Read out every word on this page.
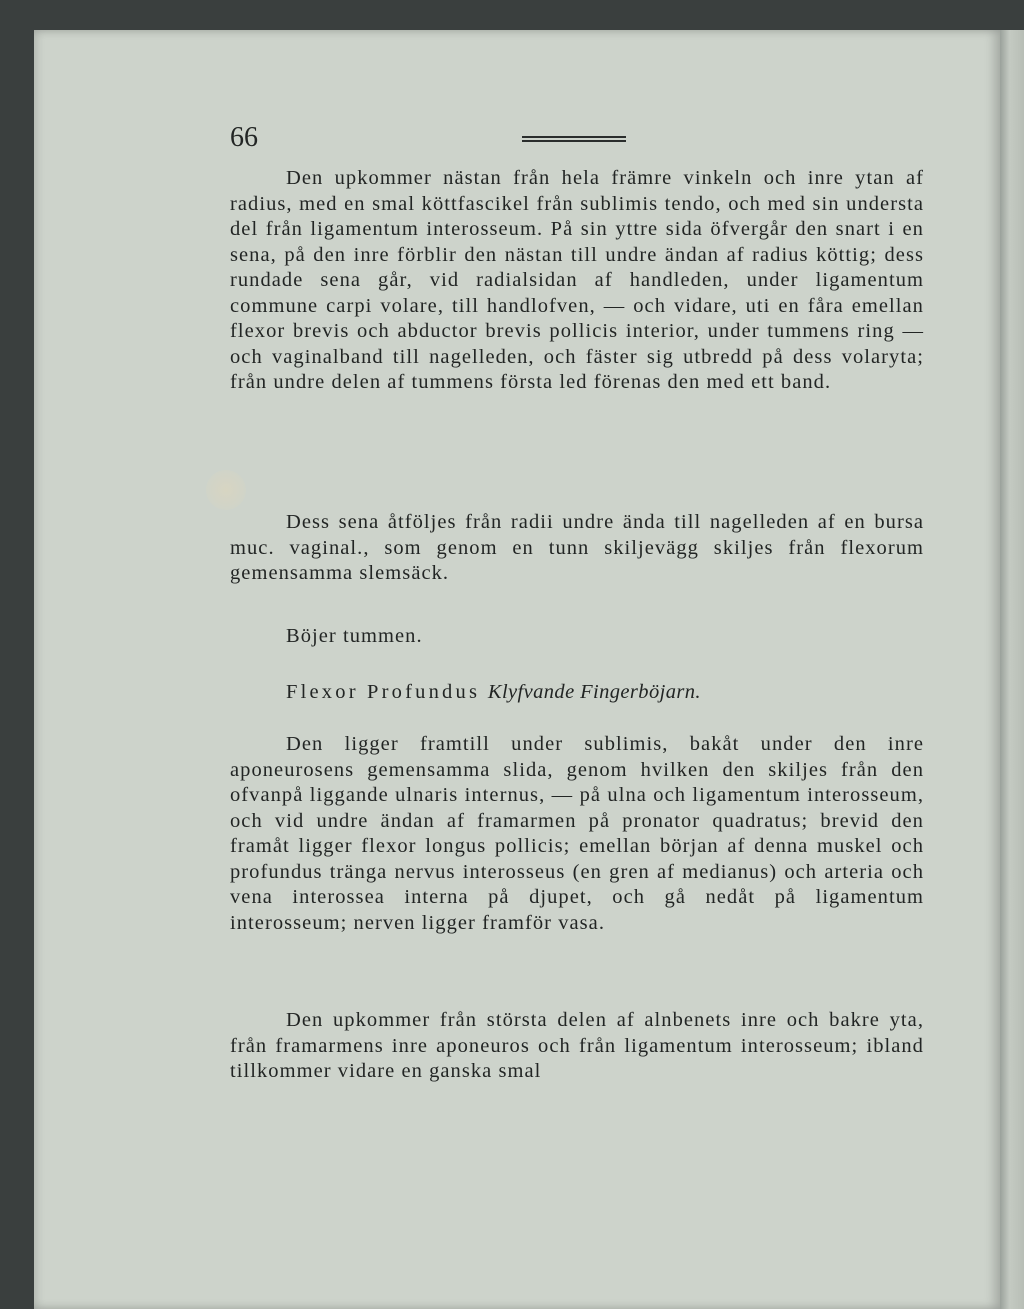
66

Den upkommer nästan från hela främre vinkeln och inre ytan af radius, med en smal köttfascikel från sublimis tendo, och med sin understa del från ligamentum interosseum. På sin yttre sida öfvergår den snart i en sena, på den inre förblir den nästan till undre ändan af radius köttig; dess rundade sena går, vid radialsidan af handleden, under ligamentum commune carpi volare, till handlofven, — och vidare, uti en fåra emellan flexor brevis och abductor brevis pollicis interior, under tummens ring — och vaginalband till nagelleden, och fäster sig utbredd på dess volaryta; från undre delen af tummens första led förenas den med ett band.

Dess sena åtföljes från radii undre ända till nagelleden af en bursa muc. vaginal., som genom en tunn skiljevägg skiljes från flexorum gemensamma slemsäck.

Böjer tummen.

Flexor Profundus Klyfvande Fingerböjarn.

Den ligger framtill under sublimis, bakåt under den inre aponeurosens gemensamma slida, genom hvilken den skiljes från den ofvanpå liggande ulnaris internus, — på ulna och ligamentum interosseum, och vid undre ändan af framarmen på pronator quadratus; brevid den framåt ligger flexor longus pollicis; emellan början af denna muskel och profundus tränga nervus interosseus (en gren af medianus) och arteria och vena interossea interna på djupet, och gå nedåt på ligamentum interosseum; nerven ligger framför vasa.

Den upkommer från största delen af alnbenets inre och bakre yta, från framarmens inre aponeuros och från ligamentum interosseum; ibland tillkommer vidare en ganska smal
